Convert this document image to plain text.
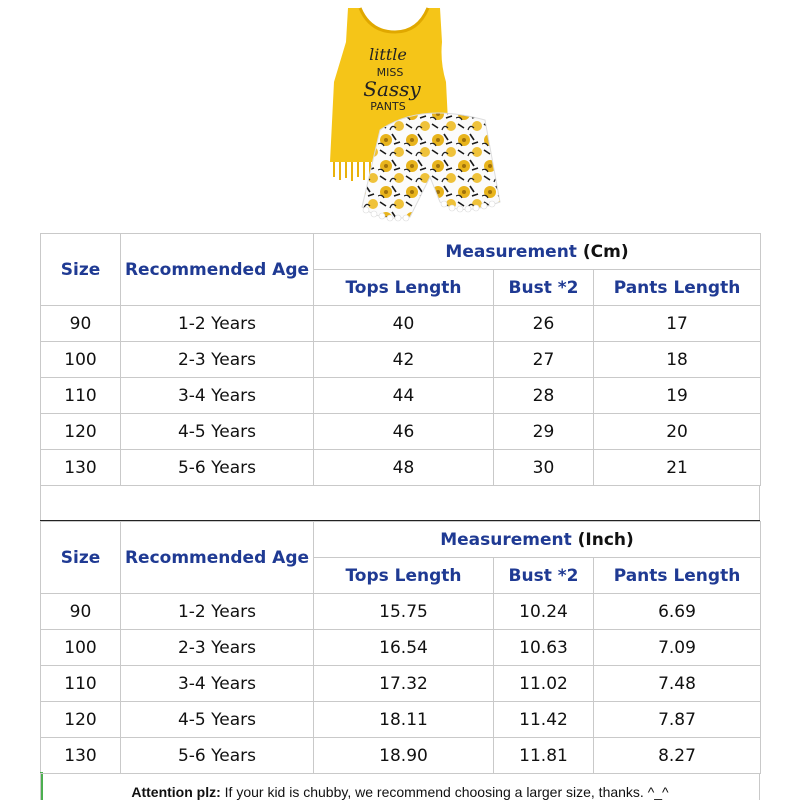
little
MISS
Sassy
PANTS
Size	Recommended Age	Measurement (Cm)		
		Tops Length	Bust *2	Pants Length
90	1-2 Years	40	26	17
100	2-3 Years	42	27	18
110	3-4 Years	44	28	19
120	4-5 Years	46	29	20
130	5-6 Years	48	30	21
Size	Recommended Age	Measurement (Inch)		
		Tops Length	Bust *2	Pants Length
90	1-2 Years	15.75	10.24	6.69
100	2-3 Years	16.54	10.63	7.09
110	3-4 Years	17.32	11.02	7.48
120	4-5 Years	18.11	11.42	7.87
130	5-6 Years	18.90	11.81	8.27
Attention plz: If your kid is chubby, we recommend choosing a larger size, thanks. ^_^
